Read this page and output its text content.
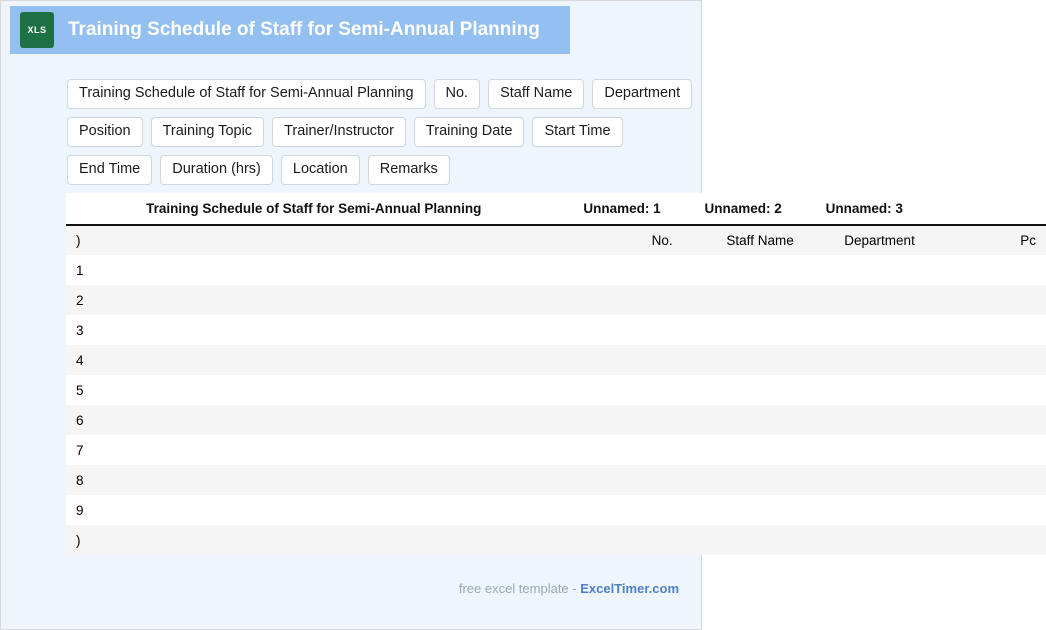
XLS Training Schedule of Staff for Semi-Annual Planning
Training Schedule of Staff for Semi-Annual Planning	No.	Staff Name	Department
Position	Training Topic	Trainer/Instructor	Training Date	Start Time
End Time	Duration (hrs)	Location	Remarks
Training Schedule of Staff for Semi-Annual Planning	Unnamed: 1	Unnamed: 2	Unnamed: 3	
)	No.	Staff Name	Department	Pc
1				
2				
3				
4				
5				
6				
7				
8				
9				
)				
free excel template - ExcelTimer.com
